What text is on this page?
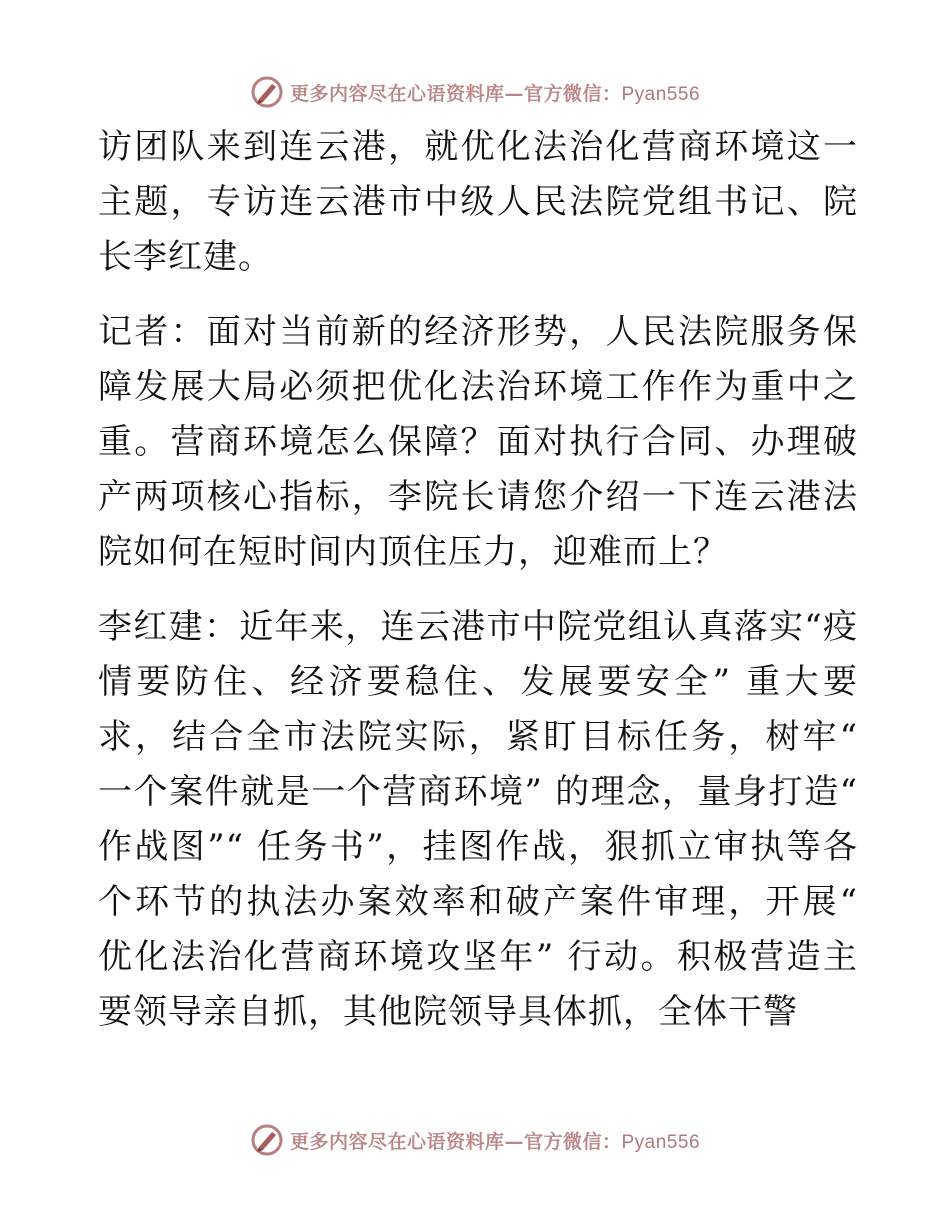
更多内容尽在心语资料库—官方微信：Pyan556

访团队来到连云港，就优化法治化营商环境这一主题，专访连云港市中级人民法院党组书记、院长李红建。

记者：面对当前新的经济形势，人民法院服务保障发展大局必须把优化法治环境工作作为重中之重。营商环境怎么保障？面对执行合同、办理破产两项核心指标，李院长请您介绍一下连云港法院如何在短时间内顶住压力，迎难而上？

李红建：近年来，连云港市中院党组认真落实“疫情要防住、经济要稳住、发展要安全” 重大要求，结合全市法院实际，紧盯目标任务，树牢“ 一个案件就是一个营商环境” 的理念，量身打造“ 作战图”“ 任务书”，挂图作战，狠抓立审执等各个环节的执法办案效率和破产案件审理，开展“ 优化法治化营商环境攻坚年” 行动。积极营造主要领导亲自抓，其他院领导具体抓，全体干警

更多内容尽在心语资料库—官方微信：Pyan556
